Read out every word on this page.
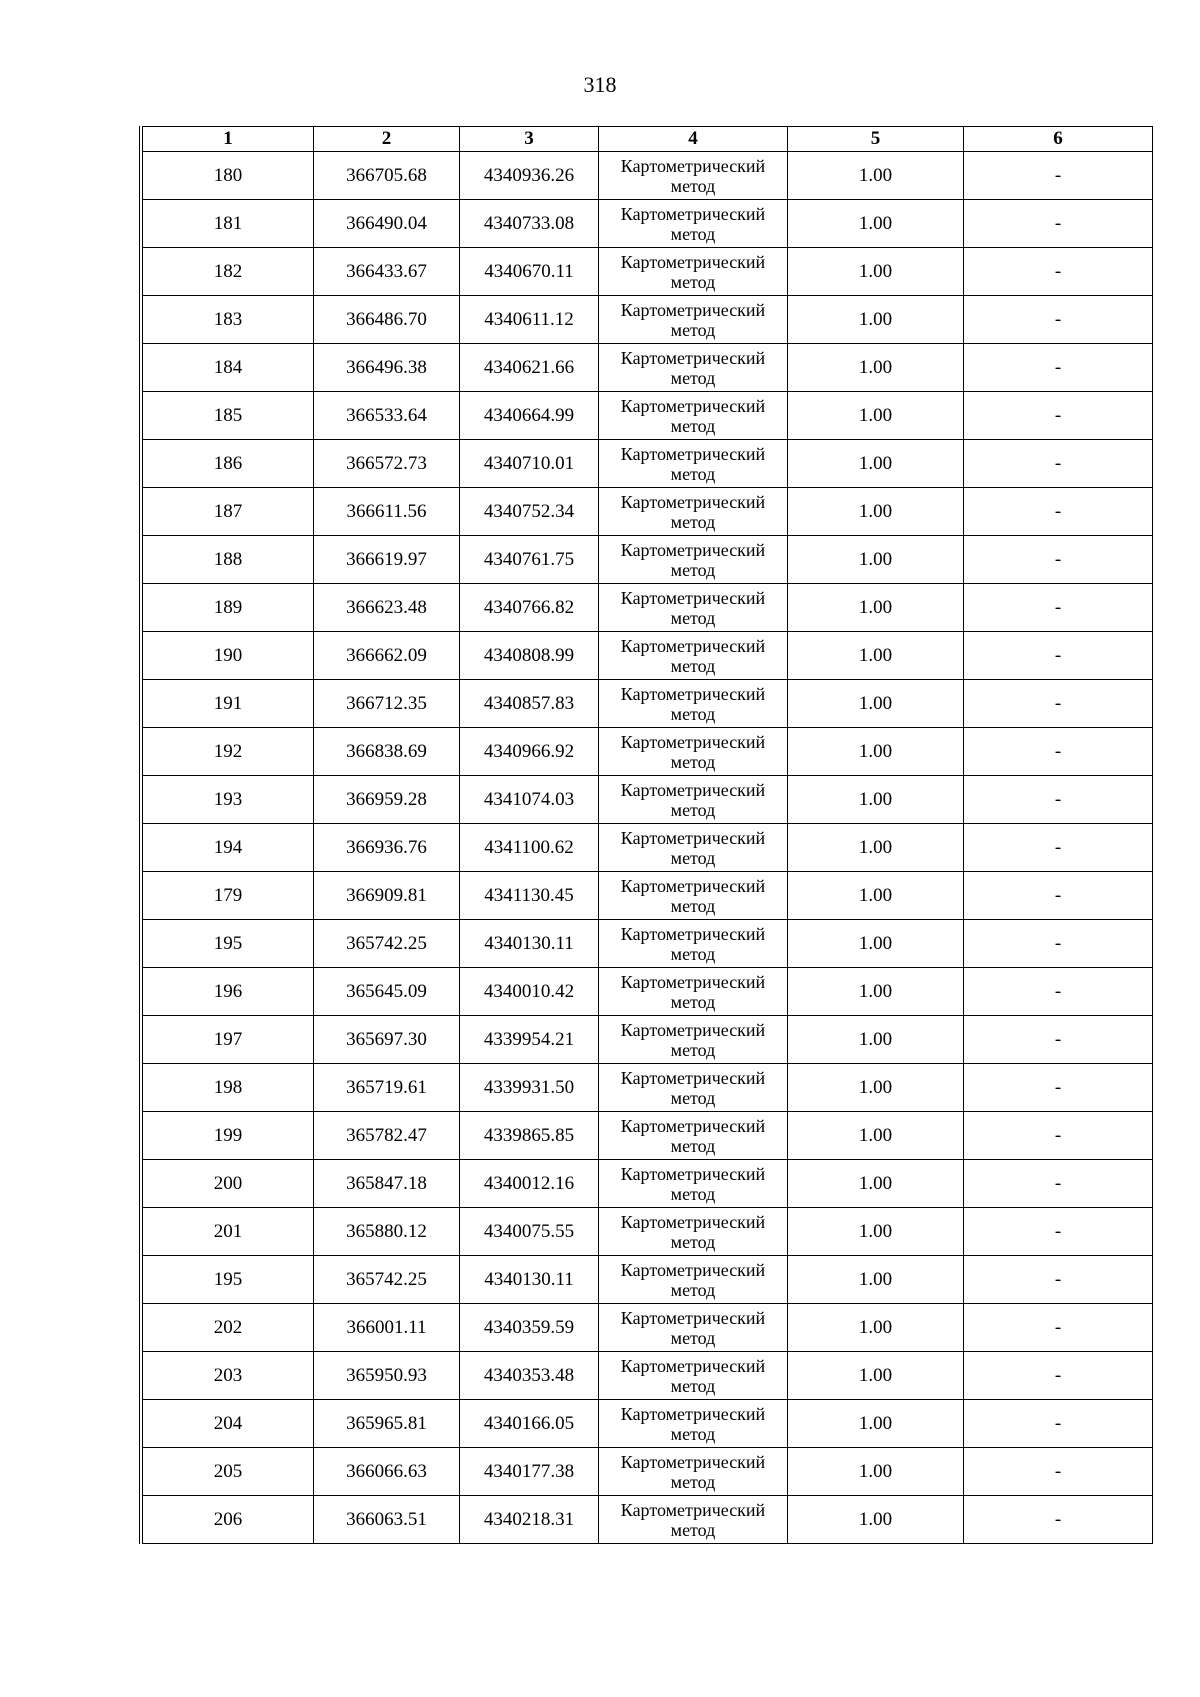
318
1	2	3	4	5	6
180	366705.68	4340936.26	Картометрический метод	1.00	-
181	366490.04	4340733.08	Картометрический метод	1.00	-
182	366433.67	4340670.11	Картометрический метод	1.00	-
183	366486.70	4340611.12	Картометрический метод	1.00	-
184	366496.38	4340621.66	Картометрический метод	1.00	-
185	366533.64	4340664.99	Картометрический метод	1.00	-
186	366572.73	4340710.01	Картометрический метод	1.00	-
187	366611.56	4340752.34	Картометрический метод	1.00	-
188	366619.97	4340761.75	Картометрический метод	1.00	-
189	366623.48	4340766.82	Картометрический метод	1.00	-
190	366662.09	4340808.99	Картометрический метод	1.00	-
191	366712.35	4340857.83	Картометрический метод	1.00	-
192	366838.69	4340966.92	Картометрический метод	1.00	-
193	366959.28	4341074.03	Картометрический метод	1.00	-
194	366936.76	4341100.62	Картометрический метод	1.00	-
179	366909.81	4341130.45	Картометрический метод	1.00	-
195	365742.25	4340130.11	Картометрический метод	1.00	-
196	365645.09	4340010.42	Картометрический метод	1.00	-
197	365697.30	4339954.21	Картометрический метод	1.00	-
198	365719.61	4339931.50	Картометрический метод	1.00	-
199	365782.47	4339865.85	Картометрический метод	1.00	-
200	365847.18	4340012.16	Картометрический метод	1.00	-
201	365880.12	4340075.55	Картометрический метод	1.00	-
195	365742.25	4340130.11	Картометрический метод	1.00	-
202	366001.11	4340359.59	Картометрический метод	1.00	-
203	365950.93	4340353.48	Картометрический метод	1.00	-
204	365965.81	4340166.05	Картометрический метод	1.00	-
205	366066.63	4340177.38	Картометрический метод	1.00	-
206	366063.51	4340218.31	Картометрический метод	1.00	-
